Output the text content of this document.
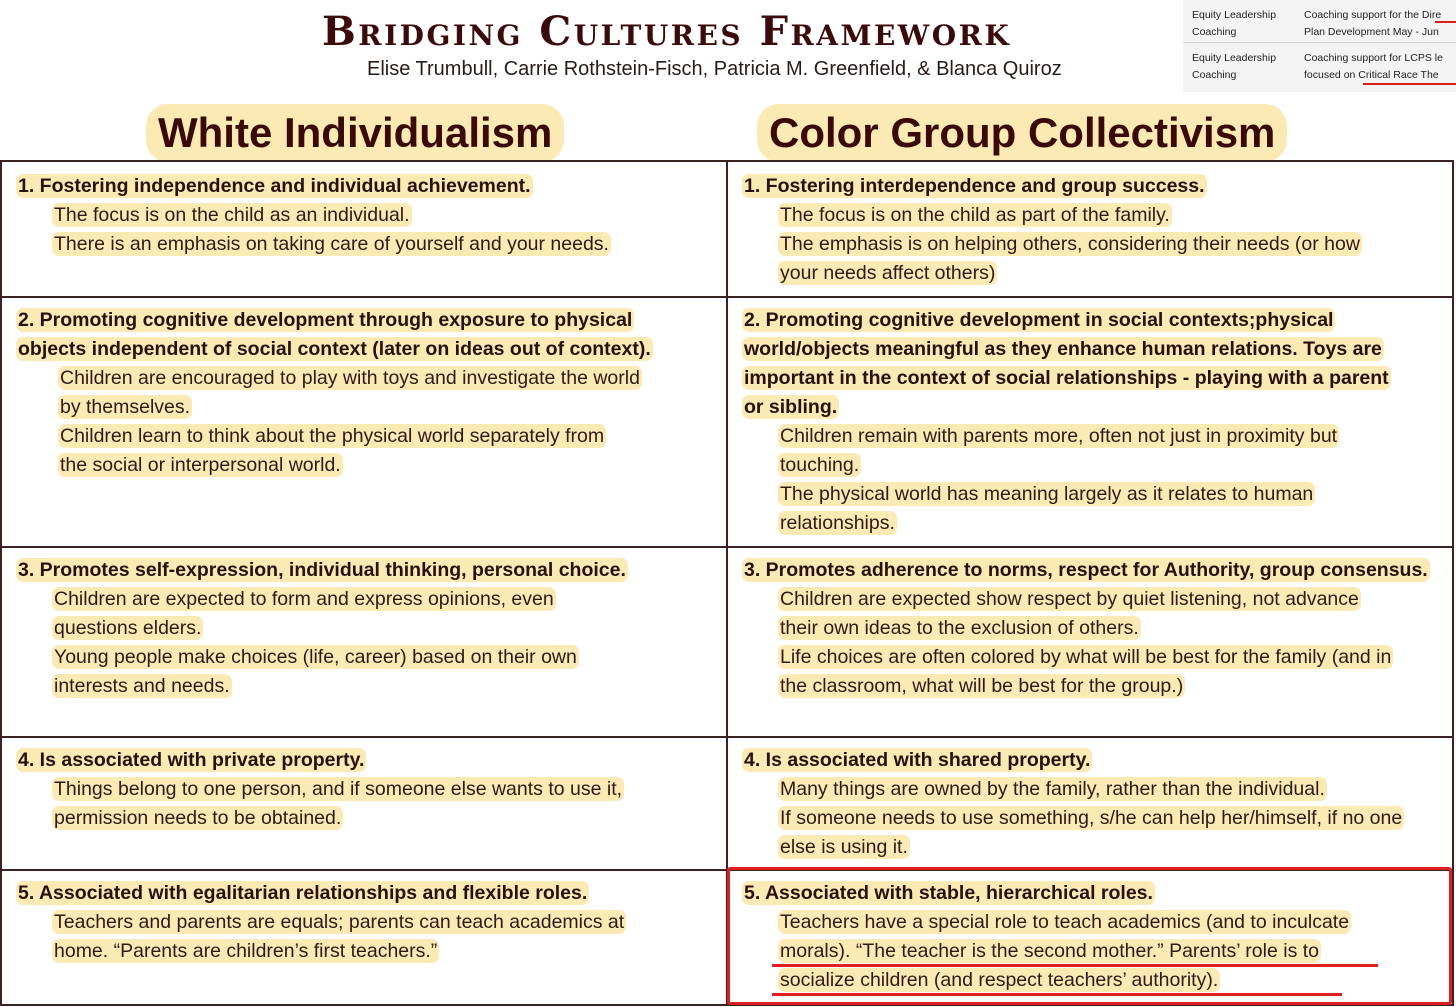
Bridging Cultures Framework
Elise Trumbull, Carrie Rothstein-Fisch, Patricia M. Greenfield, & Blanca Quiroz
Equity Leadership Coaching
Coaching support for the Dire
Plan Development May - Jun
Equity Leadership Coaching
Coaching support for LCPS le
focused on Critical Race The
White Individualism	Color Group Collectivism
1. Fostering independence and individual achievement.
The focus is on the child as an individual.
There is an emphasis on taking care of yourself and your needs.
1. Fostering interdependence and group success.
The focus is on the child as part of the family.
The emphasis is on helping others, considering their needs (or how your needs affect others)
2. Promoting cognitive development through exposure to physical objects independent of social context (later on ideas out of context).
Children are encouraged to play with toys and investigate the world by themselves.
Children learn to think about the physical world separately from the social or interpersonal world.
2. Promoting cognitive development in social contexts;physical world/objects meaningful as they enhance human relations. Toys are important in the context of social relationships - playing with a parent or sibling.
Children remain with parents more, often not just in proximity but touching.
The physical world has meaning largely as it relates to human relationships.
3. Promotes self-expression, individual thinking, personal choice.
Children are expected to form and express opinions, even questions elders.
Young people make choices (life, career) based on their own interests and needs.
3. Promotes adherence to norms, respect for Authority, group consensus.
Children are expected show respect by quiet listening, not advance their own ideas to the exclusion of others.
Life choices are often colored by what will be best for the family (and in the classroom, what will be best for the group.)
4. Is associated with private property.
Things belong to one person, and if someone else wants to use it, permission needs to be obtained.
4. Is associated with shared property.
Many things are owned by the family, rather than the individual.
If someone needs to use something, s/he can help her/himself, if no one else is using it.
5. Associated with egalitarian relationships and flexible roles.
Teachers and parents are equals; parents can teach academics at home. “Parents are children’s first teachers.”
5. Associated with stable, hierarchical roles.
Teachers have a special role to teach academics (and to inculcate morals). “The teacher is the second mother.” Parents’ role is to socialize children (and respect teachers’ authority).
